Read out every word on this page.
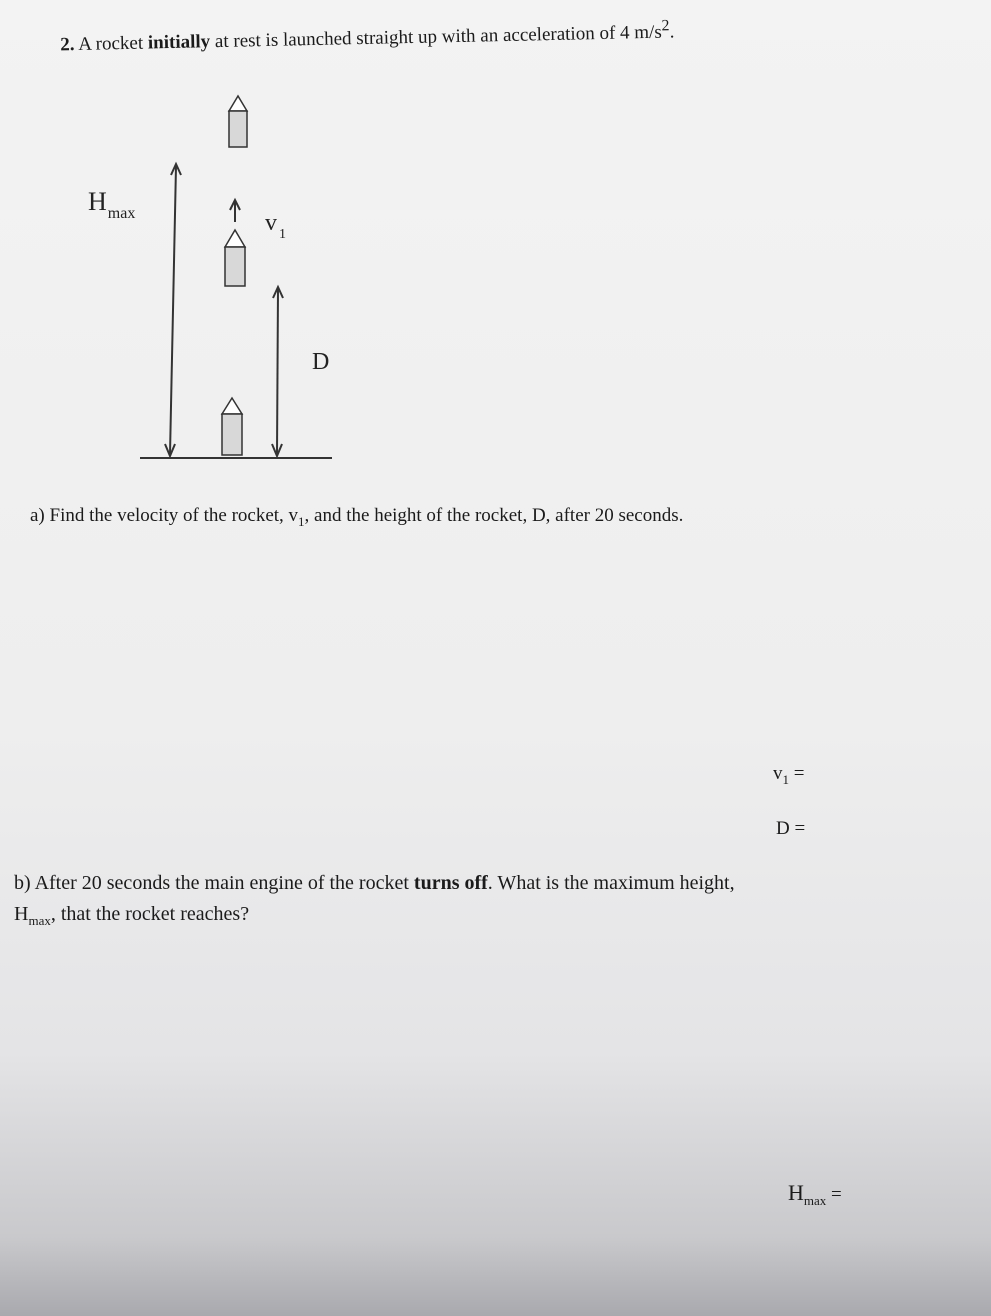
2. A rocket initially at rest is launched straight up with an acceleration of 4 $m/s^2$.
$H_{max}$	v $_1$
D
a) Find the velocity of the rocket, $v_1$, and the height of the rocket, D, after 20 seconds.
$v_1$ =
D =
b) After 20 seconds the main engine of the rocket turns off. What is the maximum height,
$H_{max}$, that the rocket reaches?
$H_{max}$ =
